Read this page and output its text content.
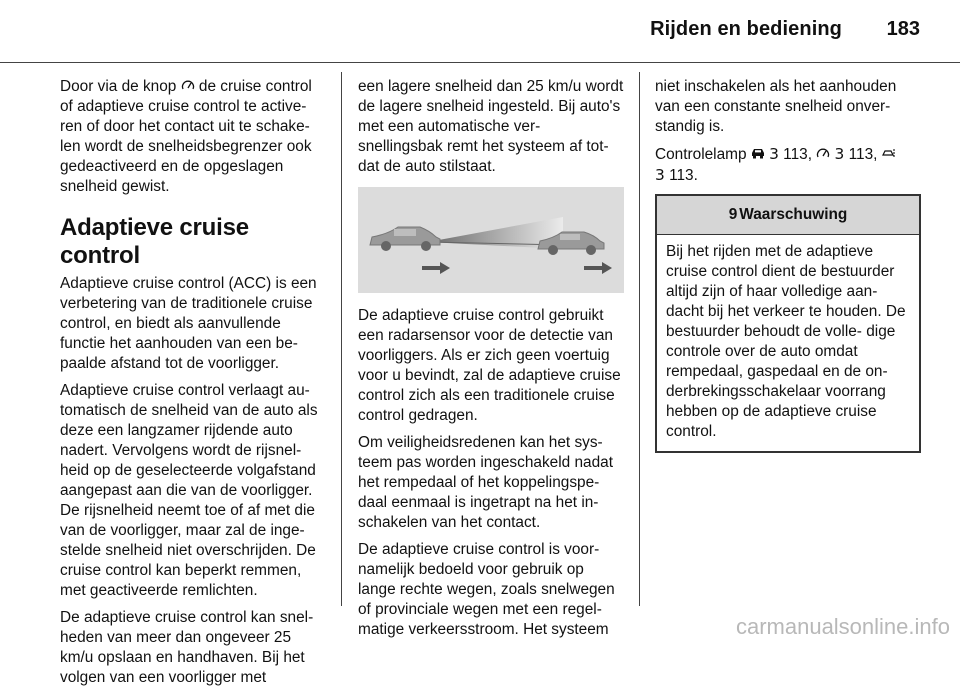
Rijden en bediening 183

Door via de knop  de cruise control of adaptieve cruise control te active- ren of door het contact uit te schake- len wordt de snelheidsbegrenzer ook gedeactiveerd en de opgeslagen snelheid gewist.

Adaptieve cruise control

Adaptieve cruise control (ACC) is een verbetering van de traditionele cruise control, en biedt als aanvullende functie het aanhouden van een be- paalde afstand tot de voorligger.

Adaptieve cruise control verlaagt au- tomatisch de snelheid van de auto als deze een langzamer rijdende auto nadert. Vervolgens wordt de rijsnel- heid op de geselecteerde volgafstand aangepast aan die van de voorligger. De rijsnelheid neemt toe of af met die van de voorligger, maar zal de inge- stelde snelheid niet overschrijden. De cruise control kan beperkt remmen, met geactiveerde remlichten.

De adaptieve cruise control kan snel- heden van meer dan ongeveer 25 km/u opslaan en handhaven. Bij het volgen van een voorligger met

een lagere snelheid dan 25 km/u wordt de lagere snelheid ingesteld. Bij auto's met een automatische ver- snellingsbak remt het systeem af tot- dat de auto stilstaat.

De adaptieve cruise control gebruikt een radarsensor voor de detectie van voorliggers. Als er zich geen voertuig voor u bevindt, zal de adaptieve cruise control zich als een traditionele cruise control gedragen.

Om veiligheidsredenen kan het sys- teem pas worden ingeschakeld nadat het rempedaal of het koppelingspe- daal eenmaal is ingetrapt na het in- schakelen van het contact.

De adaptieve cruise control is voor- namelijk bedoeld voor gebruik op lange rechte wegen, zoals snelwegen of provinciale wegen met een regel- matige verkeersstroom. Het systeem

niet inschakelen als het aanhouden van een constante snelheid onver- standig is.

Controlelamp  3 113,  3 113,
3 113.

9 Waarschuwing
Bij het rijden met de adaptieve cruise control dient de bestuurder altijd zijn of haar volledige aan- dacht bij het verkeer te houden. De bestuurder behoudt de volle- dige controle over de auto omdat rempedaal, gaspedaal en de on- derbrekingsschakelaar voorrang hebben op de adaptieve cruise control.
carmanualsonline.info
